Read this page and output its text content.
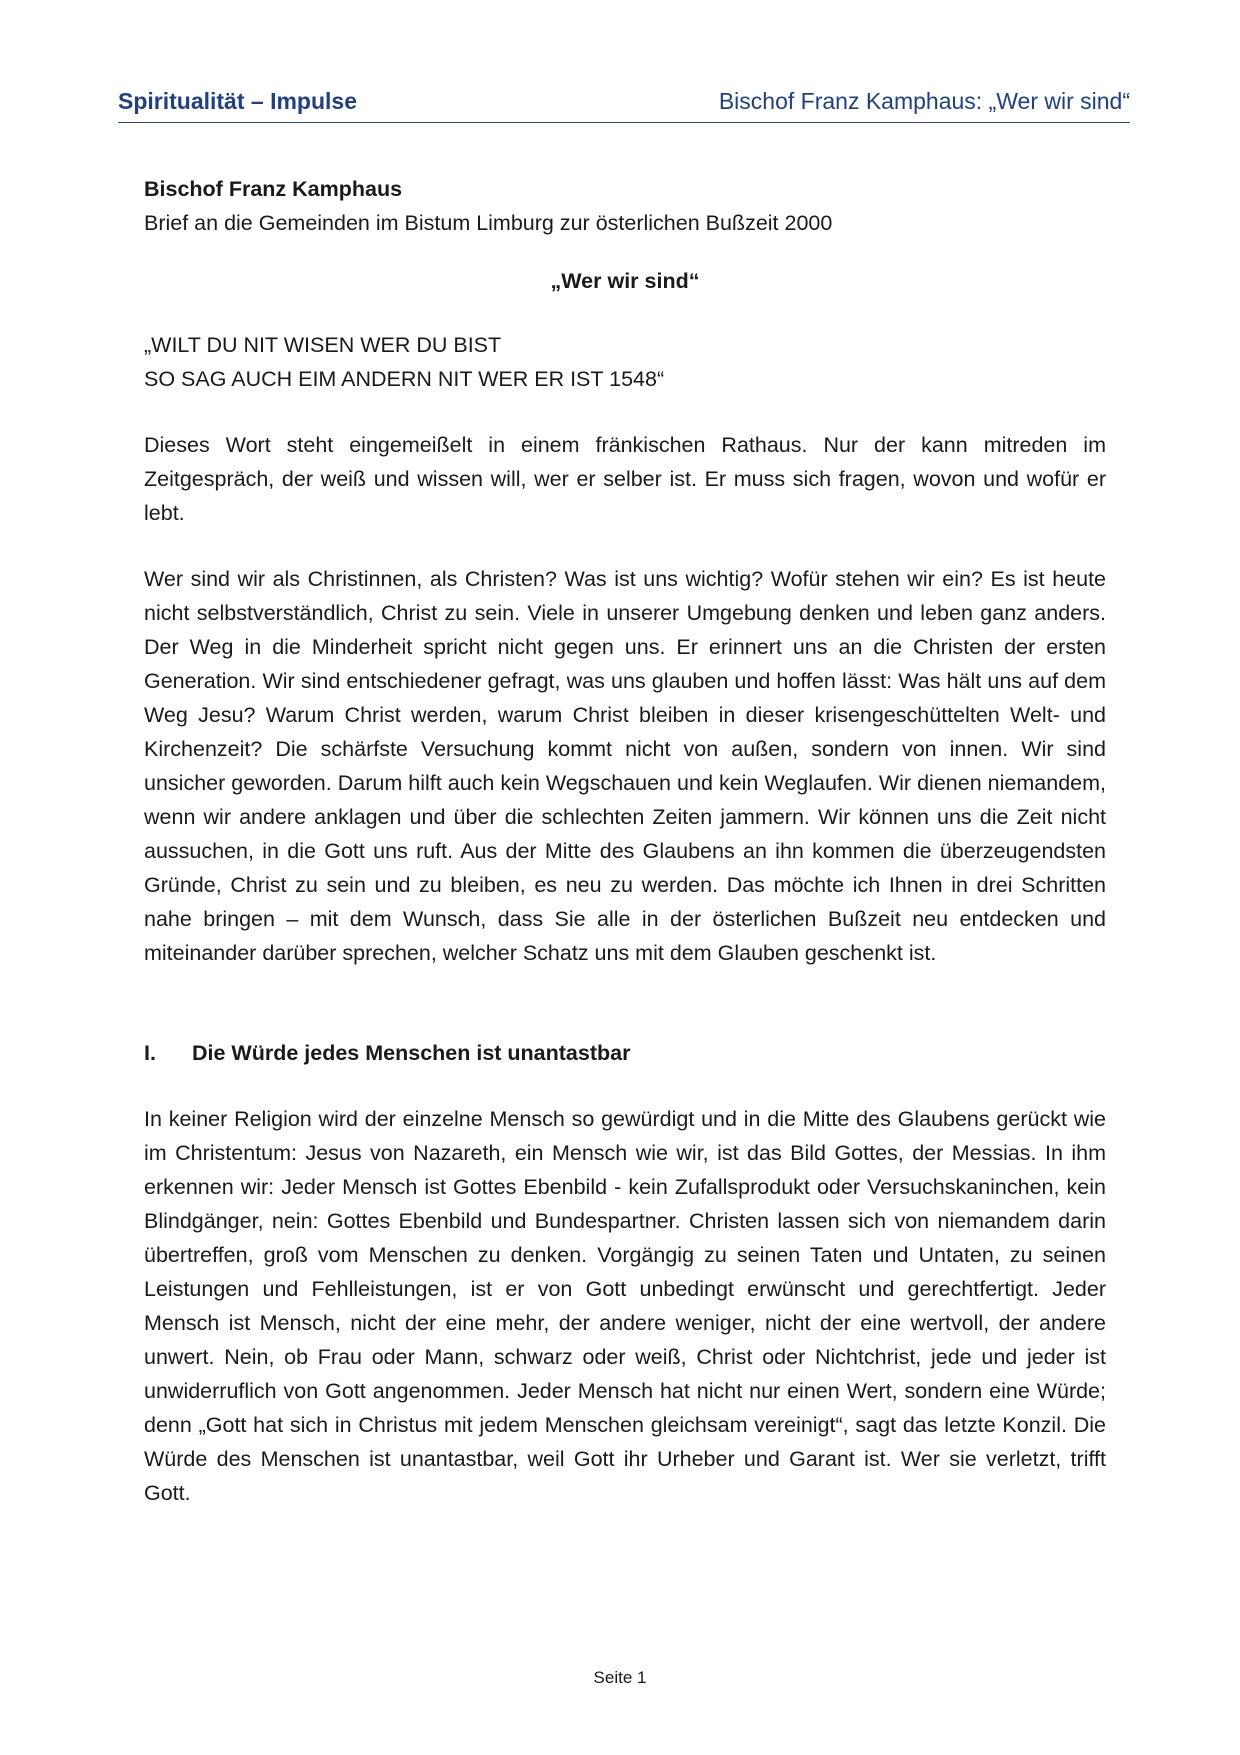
Spiritualität – Impulse	Bischof Franz Kamphaus: „Wer wir sind“

Bischof Franz Kamphaus

Brief an die Gemeinden im Bistum Limburg zur österlichen Bußzeit 2000

„Wer wir sind“

„WILT DU NIT WISEN WER DU BIST
SO SAG AUCH EIM ANDERN NIT WER ER IST 1548“

Dieses Wort steht eingemeißelt in einem fränkischen Rathaus. Nur der kann mitreden im Zeitgespräch, der weiß und wissen will, wer er selber ist. Er muss sich fragen, wovon und wofür er lebt.

Wer sind wir als Christinnen, als Christen? Was ist uns wichtig? Wofür stehen wir ein? Es ist heute nicht selbstverständlich, Christ zu sein. Viele in unserer Umgebung denken und leben ganz anders. Der Weg in die Minderheit spricht nicht gegen uns. Er erinnert uns an die Christen der ersten Generation. Wir sind entschiedener gefragt, was uns glauben und hoffen lässt: Was hält uns auf dem Weg Jesu? Warum Christ werden, warum Christ bleiben in dieser krisengeschüttelten Welt- und Kirchenzeit? Die schärfste Versuchung kommt nicht von außen, sondern von innen. Wir sind unsicher geworden. Darum hilft auch kein Wegschauen und kein Weglaufen. Wir dienen niemandem, wenn wir andere anklagen und über die schlechten Zeiten jammern. Wir können uns die Zeit nicht aussuchen, in die Gott uns ruft. Aus der Mitte des Glaubens an ihn kommen die überzeugendsten Gründe, Christ zu sein und zu bleiben, es neu zu werden. Das möchte ich Ihnen in drei Schritten nahe bringen – mit dem Wunsch, dass Sie alle in der österlichen Bußzeit neu entdecken und miteinander darüber sprechen, welcher Schatz uns mit dem Glauben geschenkt ist.

I.	Die Würde jedes Menschen ist unantastbar

In keiner Religion wird der einzelne Mensch so gewürdigt und in die Mitte des Glaubens gerückt wie im Christentum: Jesus von Nazareth, ein Mensch wie wir, ist das Bild Gottes, der Messias. In ihm erkennen wir: Jeder Mensch ist Gottes Ebenbild - kein Zufallsprodukt oder Versuchskaninchen, kein Blindgänger, nein: Gottes Ebenbild und Bundespartner. Christen lassen sich von niemandem darin übertreffen, groß vom Menschen zu denken. Vorgängig zu seinen Taten und Untaten, zu seinen Leistungen und Fehlleistungen, ist er von Gott unbedingt erwünscht und gerechtfertigt. Jeder Mensch ist Mensch, nicht der eine mehr, der andere weniger, nicht der eine wertvoll, der andere unwert. Nein, ob Frau oder Mann, schwarz oder weiß, Christ oder Nichtchrist, jede und jeder ist unwiderruflich von Gott angenommen. Jeder Mensch hat nicht nur einen Wert, sondern eine Würde; denn „Gott hat sich in Christus mit jedem Menschen gleichsam vereinigt“, sagt das letzte Konzil. Die Würde des Menschen ist unantastbar, weil Gott ihr Urheber und Garant ist. Wer sie verletzt, trifft Gott.

Seite 1
